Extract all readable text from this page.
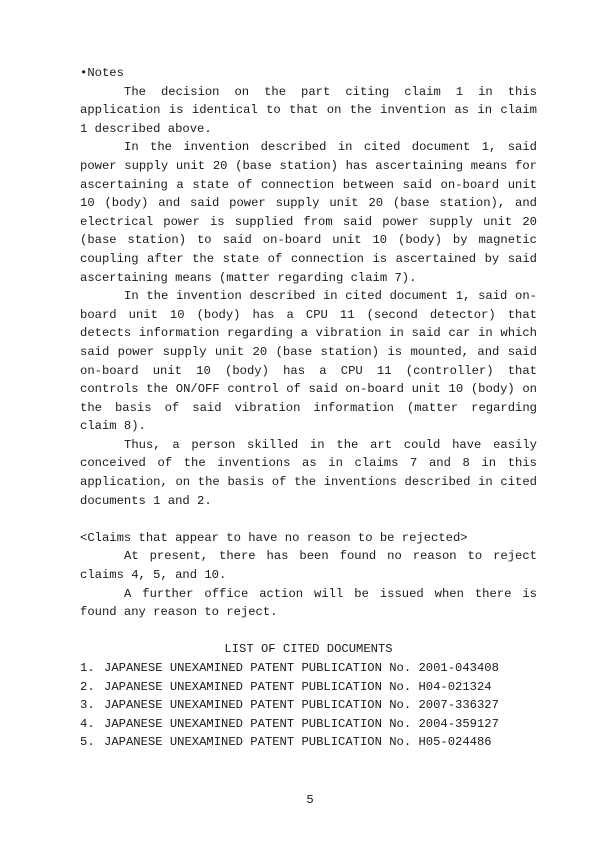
•Notes

The decision on the part citing claim 1 in this application is identical to that on the invention as in claim 1 described above.

In the invention described in cited document 1, said power supply unit 20 (base station) has ascertaining means for ascertaining a state of connection between said on-board unit 10 (body) and said power supply unit 20 (base station), and electrical power is supplied from said power supply unit 20 (base station) to said on-board unit 10 (body) by magnetic coupling after the state of connection is ascertained by said ascertaining means (matter regarding claim 7).

In the invention described in cited document 1, said on-board unit 10 (body) has a CPU 11 (second detector) that detects information regarding a vibration in said car in which said power supply unit 20 (base station) is mounted, and said on-board unit 10 (body) has a CPU 11 (controller) that controls the ON/OFF control of said on-board unit 10 (body) on the basis of said vibration information (matter regarding claim 8).

Thus, a person skilled in the art could have easily conceived of the inventions as in claims 7 and 8 in this application, on the basis of the inventions described in cited documents 1 and 2.

<Claims that appear to have no reason to be rejected>

At present, there has been found no reason to reject claims 4, 5, and 10.

A further office action will be issued when there is found any reason to reject.

LIST OF CITED DOCUMENTS

1. JAPANESE UNEXAMINED PATENT PUBLICATION No. 2001-043408
2. JAPANESE UNEXAMINED PATENT PUBLICATION No. H04-021324
3. JAPANESE UNEXAMINED PATENT PUBLICATION No. 2007-336327
4. JAPANESE UNEXAMINED PATENT PUBLICATION No. 2004-359127
5. JAPANESE UNEXAMINED PATENT PUBLICATION No. H05-024486
5
